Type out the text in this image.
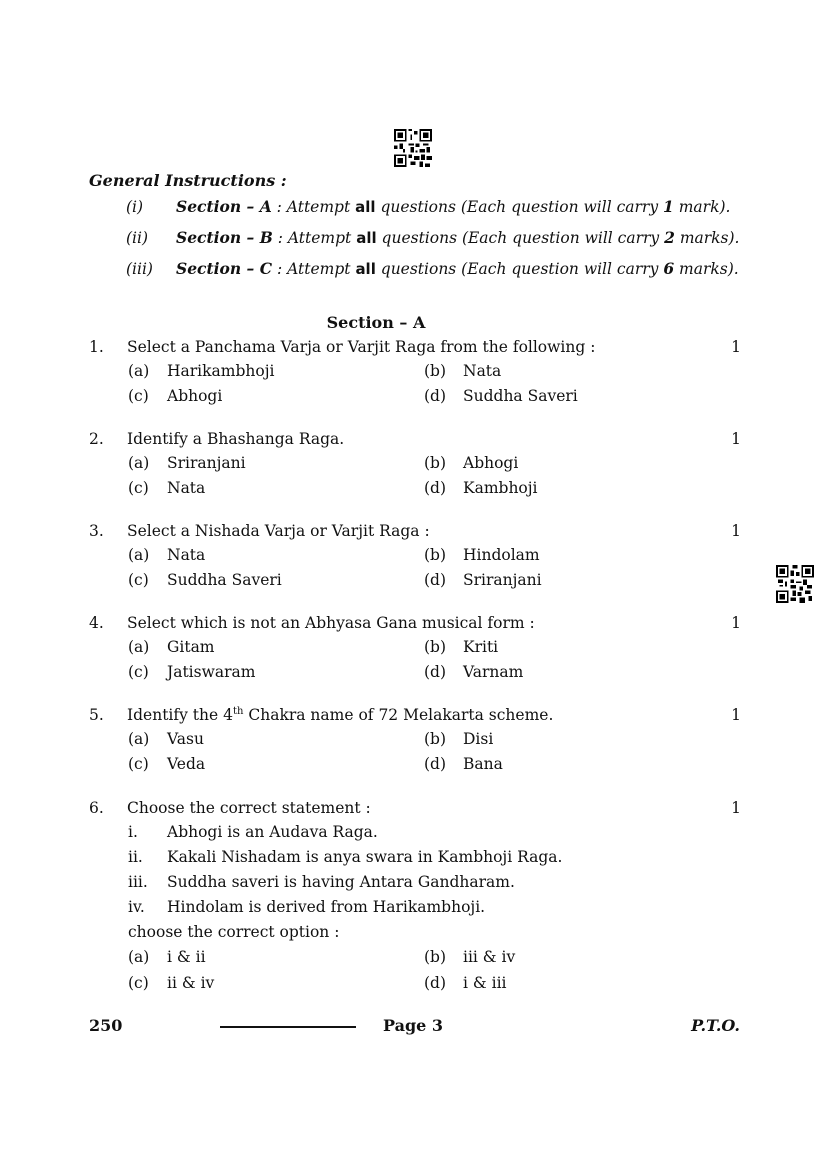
General Instructions :
(i) Section – A : Attempt all questions (Each question will carry 1 mark).
(ii) Section – B : Attempt all questions (Each question will carry 2 marks).
(iii) Section – C : Attempt all questions (Each question will carry 6 marks).
Section – A
1. Select a Panchama Varja or Varjit Raga from the following :	1
(a) Harikambhoji	(b) Nata
(c) Abhogi	(d) Suddha Saveri
2. Identify a Bhashanga Raga.	1
(a) Sriranjani	(b) Abhogi
(c) Nata	(d) Kambhoji
3. Select a Nishada Varja or Varjit Raga :	1
(a) Nata	(b) Hindolam
(c) Suddha Saveri	(d) Sriranjani
4. Select which is not an Abhyasa Gana musical form :	1
(a) Gitam	(b) Kriti
(c) Jatiswaram	(d) Varnam
5. Identify the 4th Chakra name of 72 Melakarta scheme.	1
(a) Vasu	(b) Disi
(c) Veda	(d) Bana
6. Choose the correct statement :	1
i. Abhogi is an Audava Raga.
ii. Kakali Nishadam is anya swara in Kambhoji Raga.
iii. Suddha saveri is having Antara Gandharam.
iv. Hindolam is derived from Harikambhoji.
choose the correct option :
(a) i & ii	(b) iii & iv
(c) ii & iv	(d) i & iii
250	Page 3	P.T.O.
